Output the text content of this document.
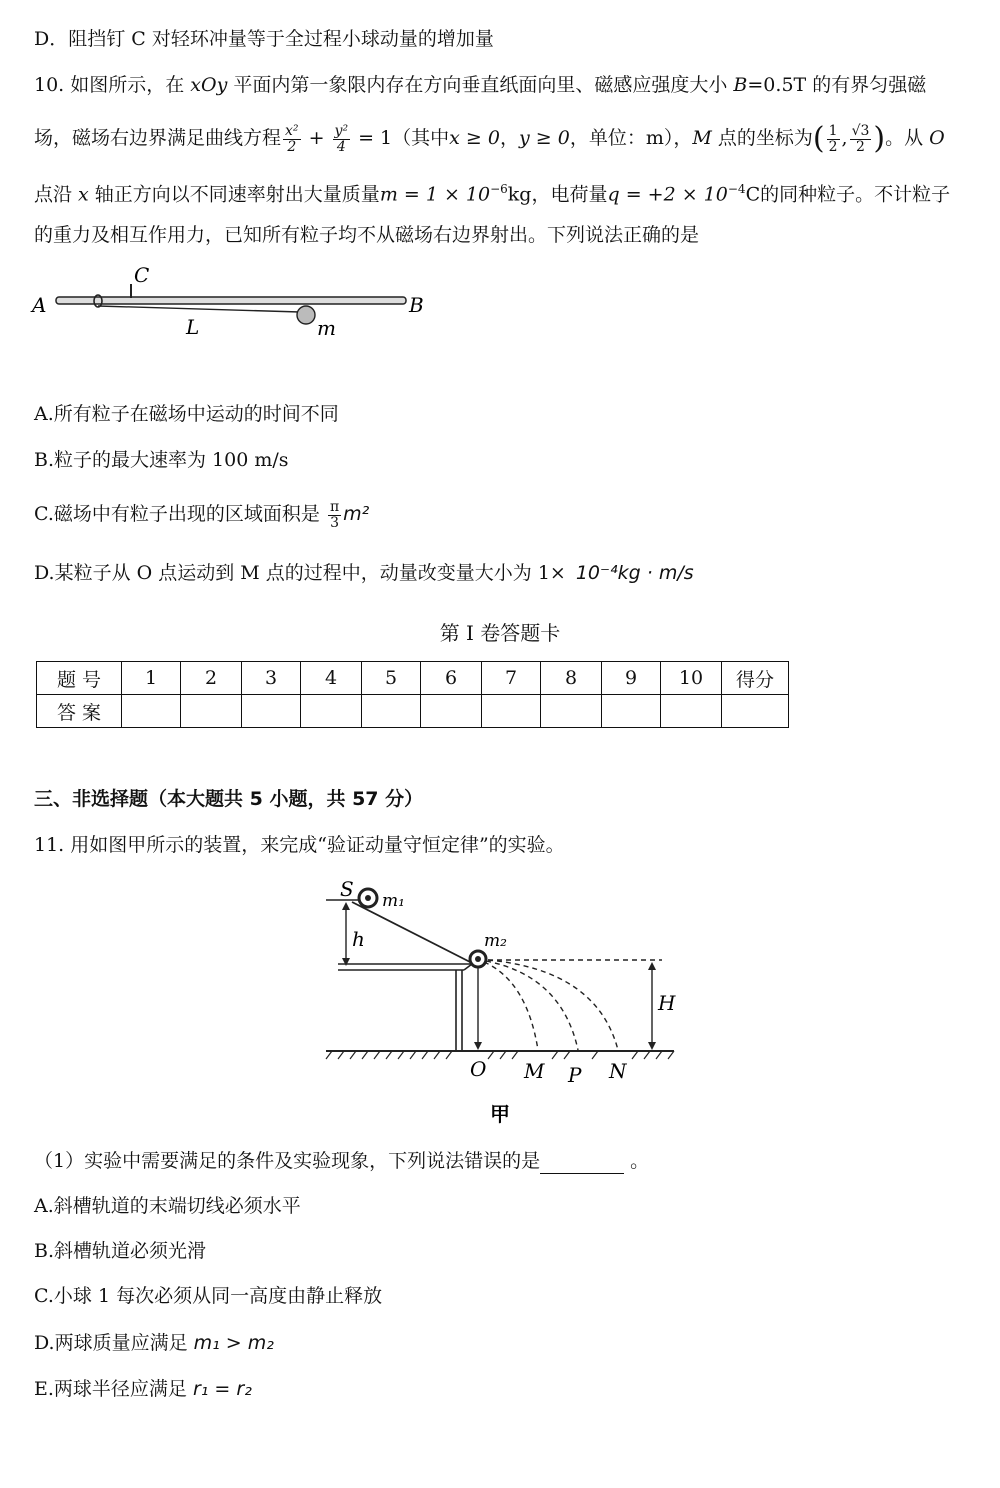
D．阻挡钉 C 对轻环冲量等于全过程小球动量的增加量
10. 如图所示，在 xOy 平面内第一象限内存在方向垂直纸面向里、磁感应强度大小 B=0.5T 的有界匀强磁
场，磁场右边界满足曲线方程 $\frac{\text{x²}}{2} + \frac{\text{y²}}{4} = 1$（其中x ≥ 0，y ≥ 0，单位：m），M 点的坐标为( $\frac{1}{2}$ , $\frac{√3}{2}$ )。从 O
点沿 x 轴正方向以不同速率射出大量质量$m = 1 \times 10^{-6}kg$，电荷量$q = +2 \times 10^{-4}C$的同种粒子。不计粒子
的重力及相互作用力，已知所有粒子均不从磁场右边界射出。下列说法正确的是
A	B
C
L	m
A.所有粒子在磁场中运动的时间不同
B.粒子的最大速率为 100 m/s
C.磁场中有粒子出现的区域面积是 $\frac{\pi}{3} m^2$
D.某粒子从 O 点运动到 M 点的过程中，动量改变量大小为 1× 10⁻⁴kg · m/s
第 I 卷答题卡
题 号	1	2	3	4	5	6	7	8	9	10	得分
答 案											
三、非选择题（本大题共 5 小题，共 57 分）
11. 用如图甲所示的装置，来完成“验证动量守恒定律”的实验。
S m₁
h	m₂
H
O M P N
甲
（1）实验中需要满足的条件及实验现象，下列说法错误的是	。
A.斜槽轨道的末端切线必须水平
B.斜槽轨道必须光滑
C.小球 1 每次必须从同一高度由静止释放
D.两球质量应满足 m₁ > m₂
E.两球半径应满足 r₁ = r₂
